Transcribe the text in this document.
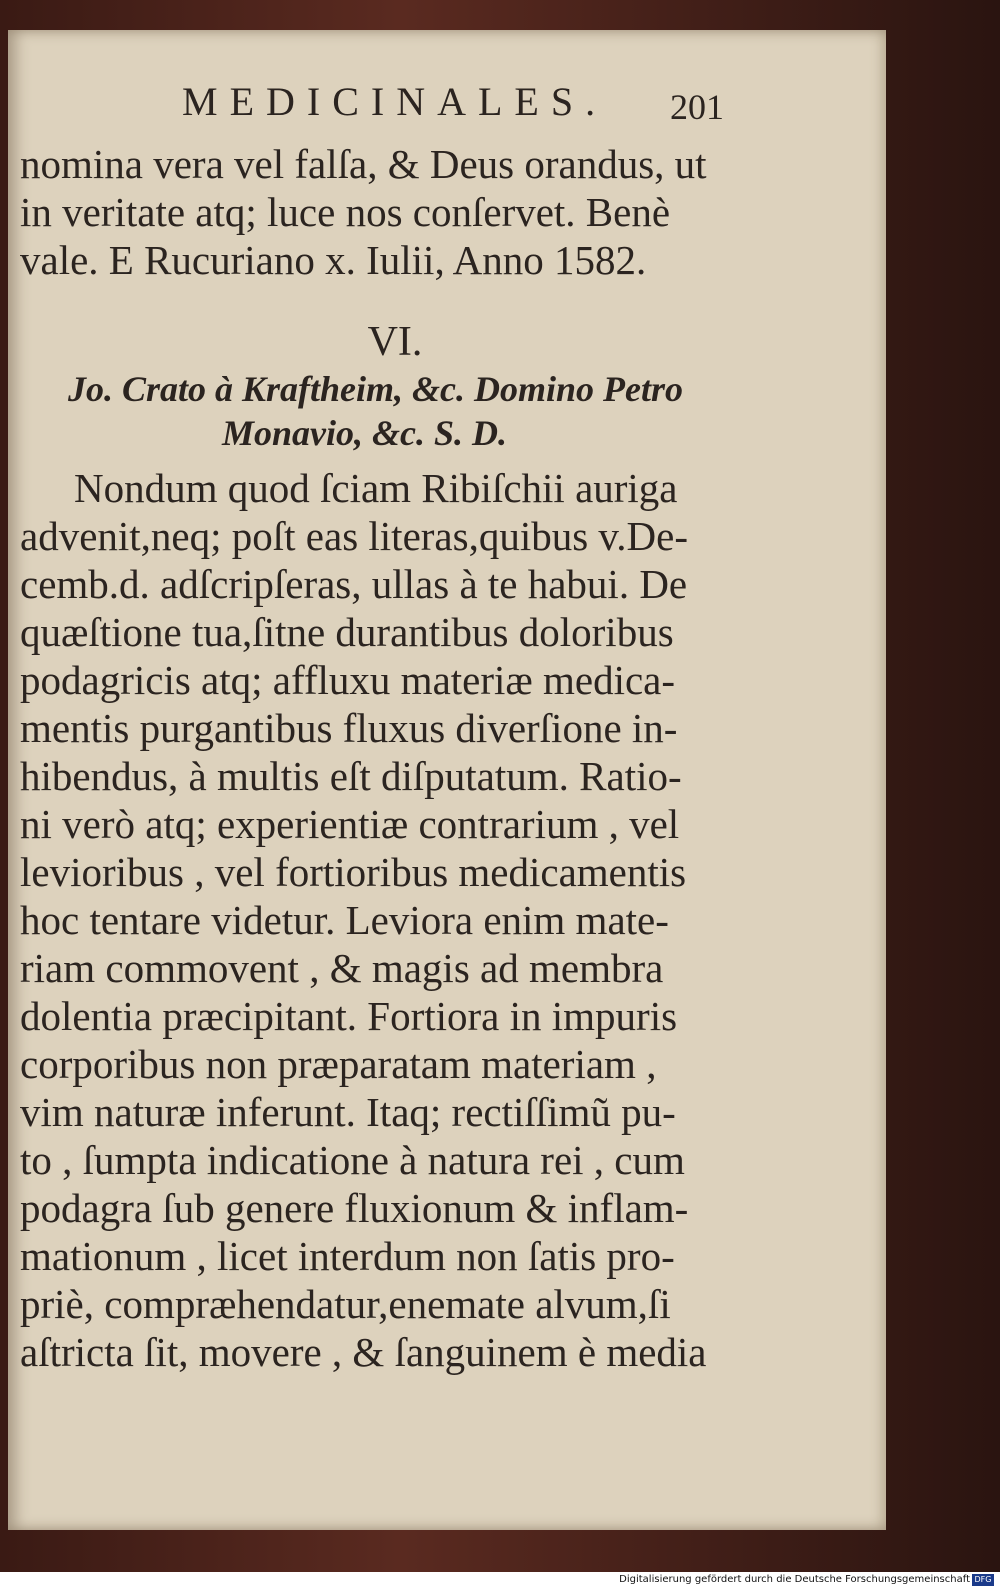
MEDICINALES. 201
nomina vera vel falſa, & Deus orandus, ut
in veritate atq; luce nos conſervet. Benè
vale. E Rucuriano x. Iulii, Anno 1582.
VI.
Jo. Crato à Kraftheim, &c. Domino Petro
Monavio, &c. S. D.
Nondum quod ſciam Ribiſchii auriga
advenit,neq; poſt eas literas,quibus v.De-
cemb.d. adſcripſeras, ullas à te habui. De
quæſtione tua,ſitne durantibus doloribus
podagricis atq; affluxu materiæ medica-
mentis purgantibus fluxus diverſione in-
hibendus, à multis eſt diſputatum. Ratio-
ni verò atq; experientiæ contrarium , vel
levioribus , vel fortioribus medicamentis
hoc tentare videtur. Leviora enim mate-
riam commovent , & magis ad membra
dolentia præcipitant. Fortiora in impuris
corporibus non præparatam materiam ,
vim naturæ inferunt. Itaq; rectiſſimũ pu-
to , ſumpta indicatione à natura rei , cum
podagra ſub genere fluxionum & inflam-
mationum , licet interdum non ſatis pro-
priè, compræhendatur,enemate alvum,ſi
aſtricta ſit, movere , & ſanguinem è media
Digitalisierung gefördert durch die Deutsche Forschungsgemeinschaft DFG
